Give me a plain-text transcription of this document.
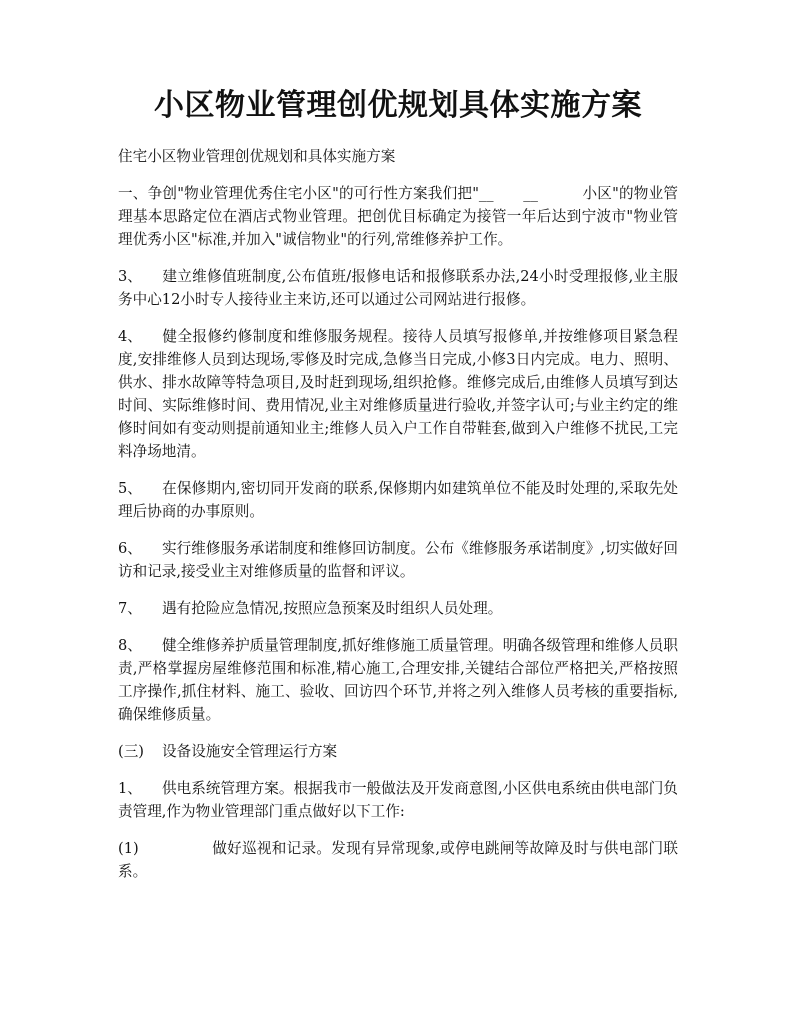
小区物业管理创优规划具体实施方案

住宅小区物业管理创优规划和具体实施方案

一、争创"物业管理优秀住宅小区"的可行性方案我们把"__　　__　　　小区"的物业管理基本思路定位在酒店式物业管理。把创优目标确定为接管一年后达到宁波市"物业管理优秀小区"标准,并加入"诚信物业"的行列,常维修养护工作。

3、 建立维修值班制度,公布值班/报修电话和报修联系办法,24小时受理报修,业主服务中心12小时专人接待业主来访,还可以通过公司网站进行报修。

4、 健全报修约修制度和维修服务规程。接待人员填写报修单,并按维修项目紧急程度,安排维修人员到达现场,零修及时完成,急修当日完成,小修3日内完成。电力、照明、供水、排水故障等特急项目,及时赶到现场,组织抢修。维修完成后,由维修人员填写到达时间、实际维修时间、费用情况,业主对维修质量进行验收,并签字认可;与业主约定的维修时间如有变动则提前通知业主;维修人员入户工作自带鞋套,做到入户维修不扰民,工完料净场地清。

5、 在保修期内,密切同开发商的联系,保修期内如建筑单位不能及时处理的,采取先处理后协商的办事原则。

6、 实行维修服务承诺制度和维修回访制度。公布《维修服务承诺制度》,切实做好回访和记录,接受业主对维修质量的监督和评议。

7、 遇有抢险应急情况,按照应急预案及时组织人员处理。

8、 健全维修养护质量管理制度,抓好维修施工质量管理。明确各级管理和维修人员职责,严格掌握房屋维修范围和标准,精心施工,合理安排,关键结合部位严格把关,严格按照工序操作,抓住材料、施工、验收、回访四个环节,并将之列入维修人员考核的重要指标,确保维修质量。

(三) 设备设施安全管理运行方案

1、 供电系统管理方案。根据我市一般做法及开发商意图,小区供电系统由供电部门负责管理,作为物业管理部门重点做好以下工作:

(1)	做好巡视和记录。发现有异常现象,或停电跳闸等故障及时与供电部门联系。
